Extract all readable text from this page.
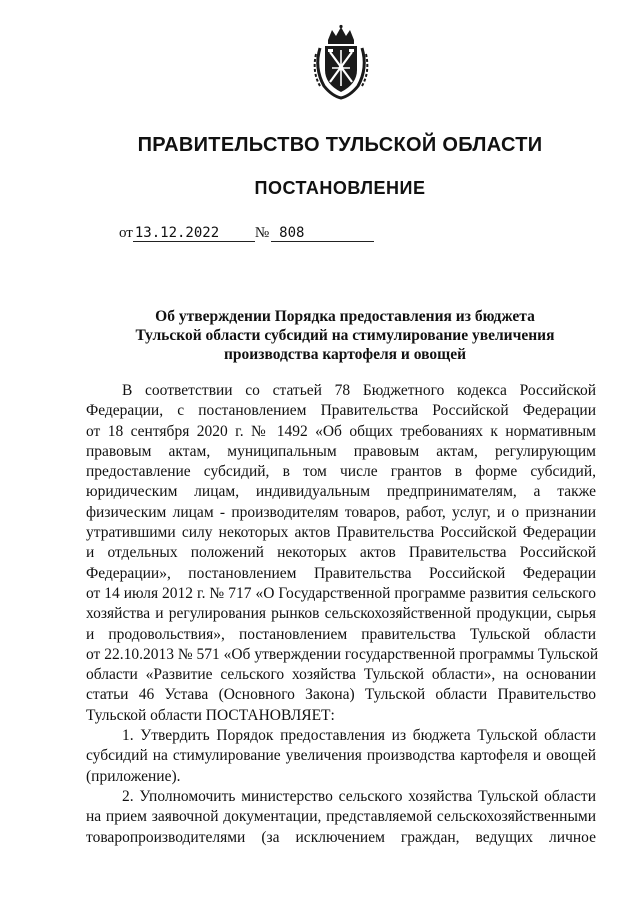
ПРАВИТЕЛЬСТВО ТУЛЬСКОЙ ОБЛАСТИ
ПОСТАНОВЛЕНИЕ
от 13.12.2022 № 808
Об утверждении Порядка предоставления из бюджета
Тульской области субсидий на стимулирование увеличения
производства картофеля и овощей
В соответствии со статьей 78 Бюджетного кодекса Российской
Федерации, с постановлением Правительства Российской Федерации
от 18 сентября 2020 г. № 1492 «Об общих требованиях к нормативным
правовым актам, муниципальным правовым актам, регулирующим
предоставление субсидий, в том числе грантов в форме субсидий,
юридическим лицам, индивидуальным предпринимателям, а также
физическим лицам - производителям товаров, работ, услуг, и о признании
утратившими силу некоторых актов Правительства Российской Федерации
и отдельных положений некоторых актов Правительства Российской
Федерации», постановлением Правительства Российской Федерации
от 14 июля 2012 г. № 717 «О Государственной программе развития сельского
хозяйства и регулирования рынков сельскохозяйственной продукции, сырья
и продовольствия», постановлением правительства Тульской области
от 22.10.2013 № 571 «Об утверждении государственной программы Тульской
области «Развитие сельского хозяйства Тульской области», на основании
статьи 46 Устава (Основного Закона) Тульской области Правительство
Тульской области ПОСТАНОВЛЯЕТ:
1. Утвердить Порядок предоставления из бюджета Тульской области
субсидий на стимулирование увеличения производства картофеля и овощей
(приложение).
2. Уполномочить министерство сельского хозяйства Тульской области
на прием заявочной документации, представляемой сельскохозяйственными
товаропроизводителями (за исключением граждан, ведущих личное
